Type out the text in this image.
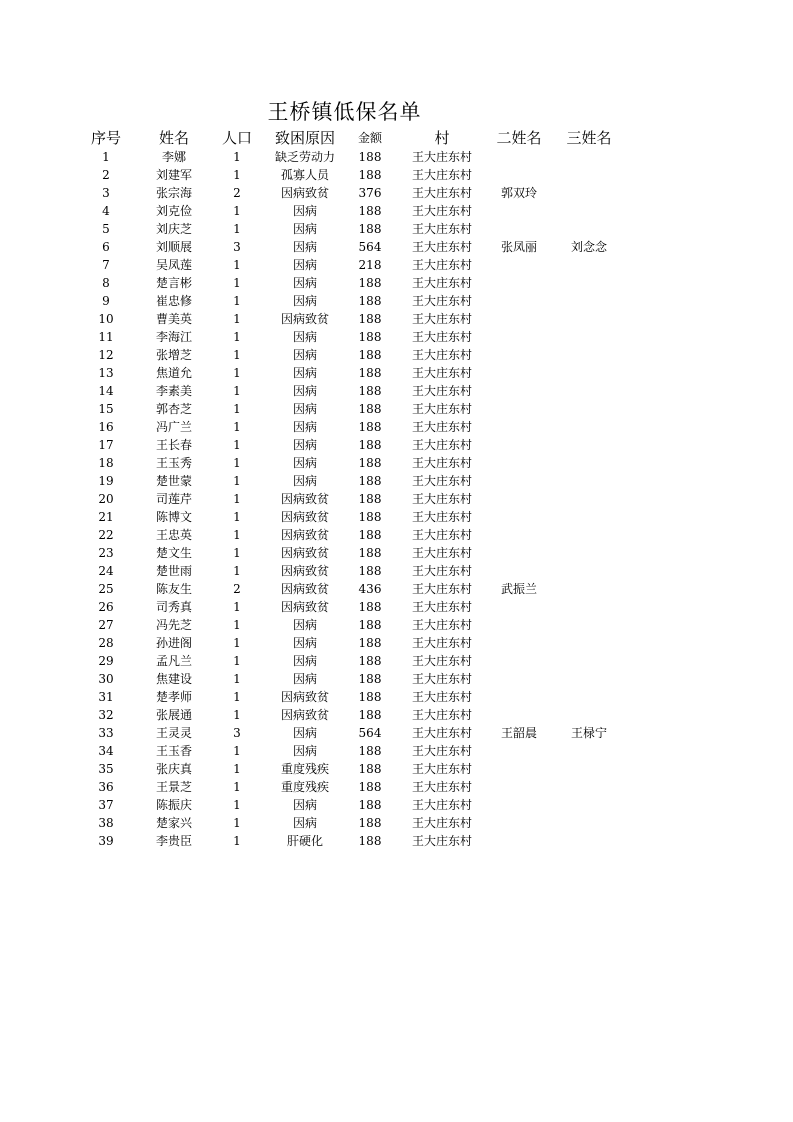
王桥镇低保名单
序号	姓名	人口	致困原因	金额	村	二姓名	三姓名
1	李娜	1	缺乏劳动力	188	王大庄东村		
2	刘建军	1	孤寡人员	188	王大庄东村		
3	张宗海	2	因病致贫	376	王大庄东村	郭双玲	
4	刘克俭	1	因病	188	王大庄东村		
5	刘庆芝	1	因病	188	王大庄东村		
6	刘顺展	3	因病	564	王大庄东村	张凤丽	刘念念
7	吴凤莲	1	因病	218	王大庄东村		
8	楚言彬	1	因病	188	王大庄东村		
9	崔忠修	1	因病	188	王大庄东村		
10	曹美英	1	因病致贫	188	王大庄东村		
11	李海江	1	因病	188	王大庄东村		
12	张增芝	1	因病	188	王大庄东村		
13	焦道允	1	因病	188	王大庄东村		
14	李素美	1	因病	188	王大庄东村		
15	郭杏芝	1	因病	188	王大庄东村		
16	冯广兰	1	因病	188	王大庄东村		
17	王长春	1	因病	188	王大庄东村		
18	王玉秀	1	因病	188	王大庄东村		
19	楚世蒙	1	因病	188	王大庄东村		
20	司莲芹	1	因病致贫	188	王大庄东村		
21	陈博文	1	因病致贫	188	王大庄东村		
22	王忠英	1	因病致贫	188	王大庄东村		
23	楚文生	1	因病致贫	188	王大庄东村		
24	楚世雨	1	因病致贫	188	王大庄东村		
25	陈友生	2	因病致贫	436	王大庄东村	武振兰	
26	司秀真	1	因病致贫	188	王大庄东村		
27	冯先芝	1	因病	188	王大庄东村		
28	孙进阁	1	因病	188	王大庄东村		
29	孟凡兰	1	因病	188	王大庄东村		
30	焦建设	1	因病	188	王大庄东村		
31	楚孝师	1	因病致贫	188	王大庄东村		
32	张展通	1	因病致贫	188	王大庄东村		
33	王灵灵	3	因病	564	王大庄东村	王韶晨	王椂宁
34	王玉香	1	因病	188	王大庄东村		
35	张庆真	1	重度残疾	188	王大庄东村		
36	王景芝	1	重度残疾	188	王大庄东村		
37	陈振庆	1	因病	188	王大庄东村		
38	楚家兴	1	因病	188	王大庄东村		
39	李贵臣	1	肝硬化	188	王大庄东村		
